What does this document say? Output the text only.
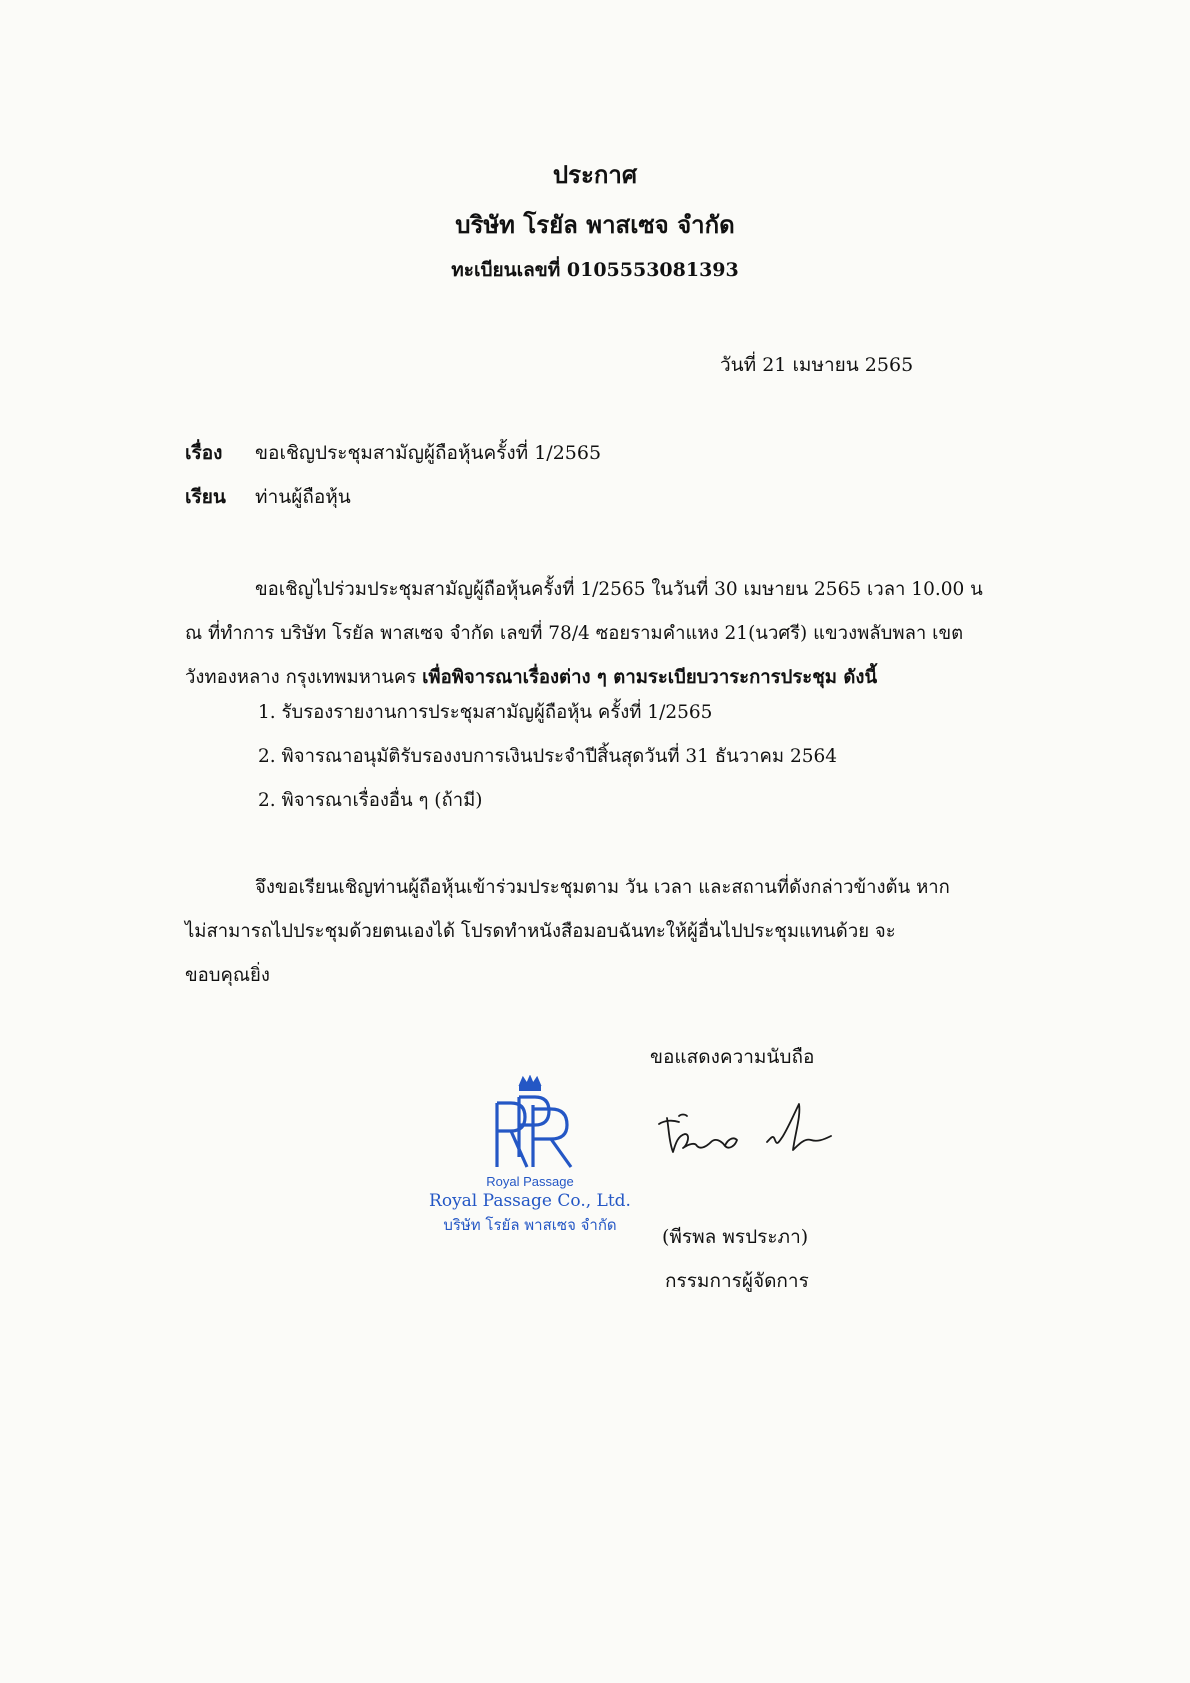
ประกาศ
บริษัท โรยัล พาสเซจ จำกัด
ทะเบียนเลขที่ 0105553081393
วันที่ 21 เมษายน 2565
เรื่อง ขอเชิญประชุมสามัญผู้ถือหุ้นครั้งที่ 1/2565
เรียน ท่านผู้ถือหุ้น
ขอเชิญไปร่วมประชุมสามัญผู้ถือหุ้นครั้งที่ 1/2565 ในวันที่ 30 เมษายน 2565 เวลา 10.00 น
ณ ที่ทำการ บริษัท โรยัล พาสเซจ จำกัด เลขที่ 78/4 ซอยรามคำแหง 21(นวศรี) แขวงพลับพลา เขต
วังทองหลาง กรุงเทพมหานคร เพื่อพิจารณาเรื่องต่าง ๆ ตามระเบียบวาระการประชุม ดังนี้
1. รับรองรายงานการประชุมสามัญผู้ถือหุ้น ครั้งที่ 1/2565
2. พิจารณาอนุมัติรับรองงบการเงินประจำปีสิ้นสุดวันที่ 31 ธันวาคม 2564
2. พิจารณาเรื่องอื่น ๆ (ถ้ามี)
จึงขอเรียนเชิญท่านผู้ถือหุ้นเข้าร่วมประชุมตาม วัน เวลา และสถานที่ดังกล่าวข้างต้น หาก
ไม่สามารถไปประชุมด้วยตนเองได้ โปรดทำหนังสือมอบฉันทะให้ผู้อื่นไปประชุมแทนด้วย จะ
ขอบคุณยิ่ง
ขอแสดงความนับถือ
Royal Passage
Royal Passage Co., Ltd.
บริษัท โรยัล พาสเซจ จำกัด
(พีรพล พรประภา)
กรรมการผู้จัดการ
